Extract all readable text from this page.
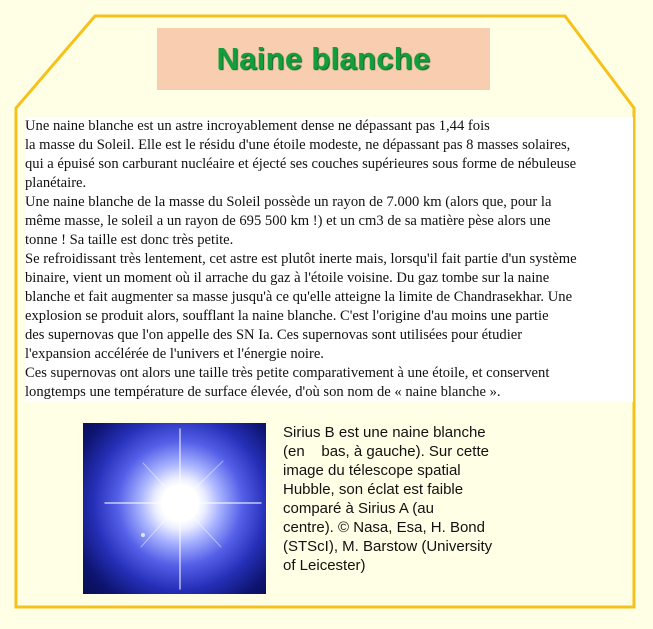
Naine blanche
Une naine blanche est un astre incroyablement dense ne dépassant pas 1,44 fois
la masse du Soleil. Elle est le résidu d'une étoile modeste, ne dépassant pas 8 masses solaires,
qui a épuisé son carburant nucléaire et éjecté ses couches supérieures sous forme de nébuleuse
planétaire.
Une naine blanche de la masse du Soleil possède un rayon de 7.000 km (alors que, pour la
même masse, le soleil a un rayon de 695 500 km !) et un cm3 de sa matière pèse alors une
tonne ! Sa taille est donc très petite.
Se refroidissant très lentement, cet astre est plutôt inerte mais, lorsqu'il fait partie d'un système
binaire, vient un moment où il arrache du gaz à l'étoile voisine. Du gaz tombe sur la naine
blanche et fait augmenter sa masse jusqu'à ce qu'elle atteigne la limite de Chandrasekhar. Une
explosion se produit alors, soufflant la naine blanche. C'est l'origine d'au moins une partie
des supernovas que l'on appelle des SN Ia. Ces supernovas sont utilisées pour étudier
l'expansion accélérée de l'univers et l'énergie noire.
Ces supernovas ont alors une taille très petite comparativement à une étoile, et conservent
longtemps une température de surface élevée, d'où son nom de « naine blanche ».
Sirius B est une naine blanche
(en    bas, à gauche). Sur cette
image du télescope spatial
Hubble, son éclat est faible
comparé à Sirius A (au
centre). © Nasa, Esa, H. Bond
(STScI), M. Barstow (University
of Leicester)
